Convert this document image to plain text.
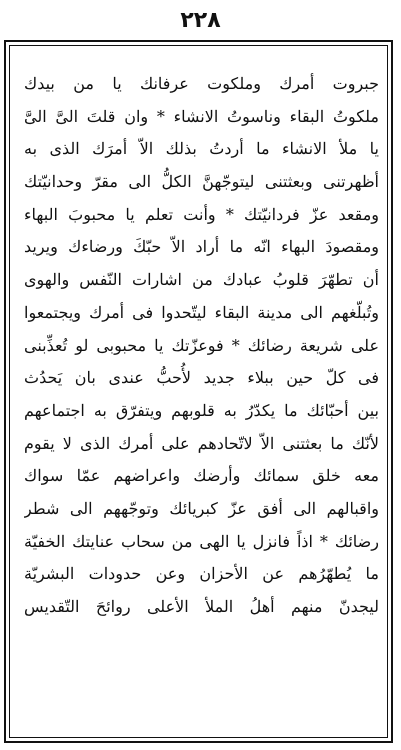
٢٢٨
جبروت أمرك وملكوت عرفانك يا من بيدك
ملكوتُ البقاء وناسوتُ الانشاء * وان قلتَ الىَّ الىَّ
يا ملأ الانشاء ما أردتُ بذلك الاّ أمرَك الذى به
أظهرتنى وبعثتنى ليتوجّهنَّ الكلُّ الى مقرّ وحدانيّتك
ومقعد عزّ فردانيّتك * وأنت تعلم يا محبوبَ البهاء
ومقصودَ البهاء انّه ما أراد الاّ حبّكَ ورضاءك ويريد
أن تطهّرَ قلوبُ عبادك من اشارات النّفس والهوى
وتُبلّغهم الى مدينة البقاء ليتّحدوا فى أمرك ويجتمعوا
على شريعة رضائك * فوعزّتك يا محبوبى لو تُعذِّبنى
فى كلّ حين ببلاء جديد لأُحبُّ عندى بان يَحدُث
بين أحبّائك ما يكدّرُ به قلوبهم ويتفرّق به اجتماعهم
لأنّك ما بعثتنى الاّ لاتّحادهم على أمرك الذى لا يقوم
معه خلق سمائك وأرضك واعراضهم عمّا سواك
واقبالهم الى أفق عزّ كبريائك وتوجّههم الى شطر
رضائك * اذاً فانزل يا الهى من سحاب عنايتك الخفيّة
ما يُطهّرُهم عن الأحزان وعن حدودات البشريّة
ليجدنّ منهم أهلُ الملأ الأعلى روائحَ التّقديس
